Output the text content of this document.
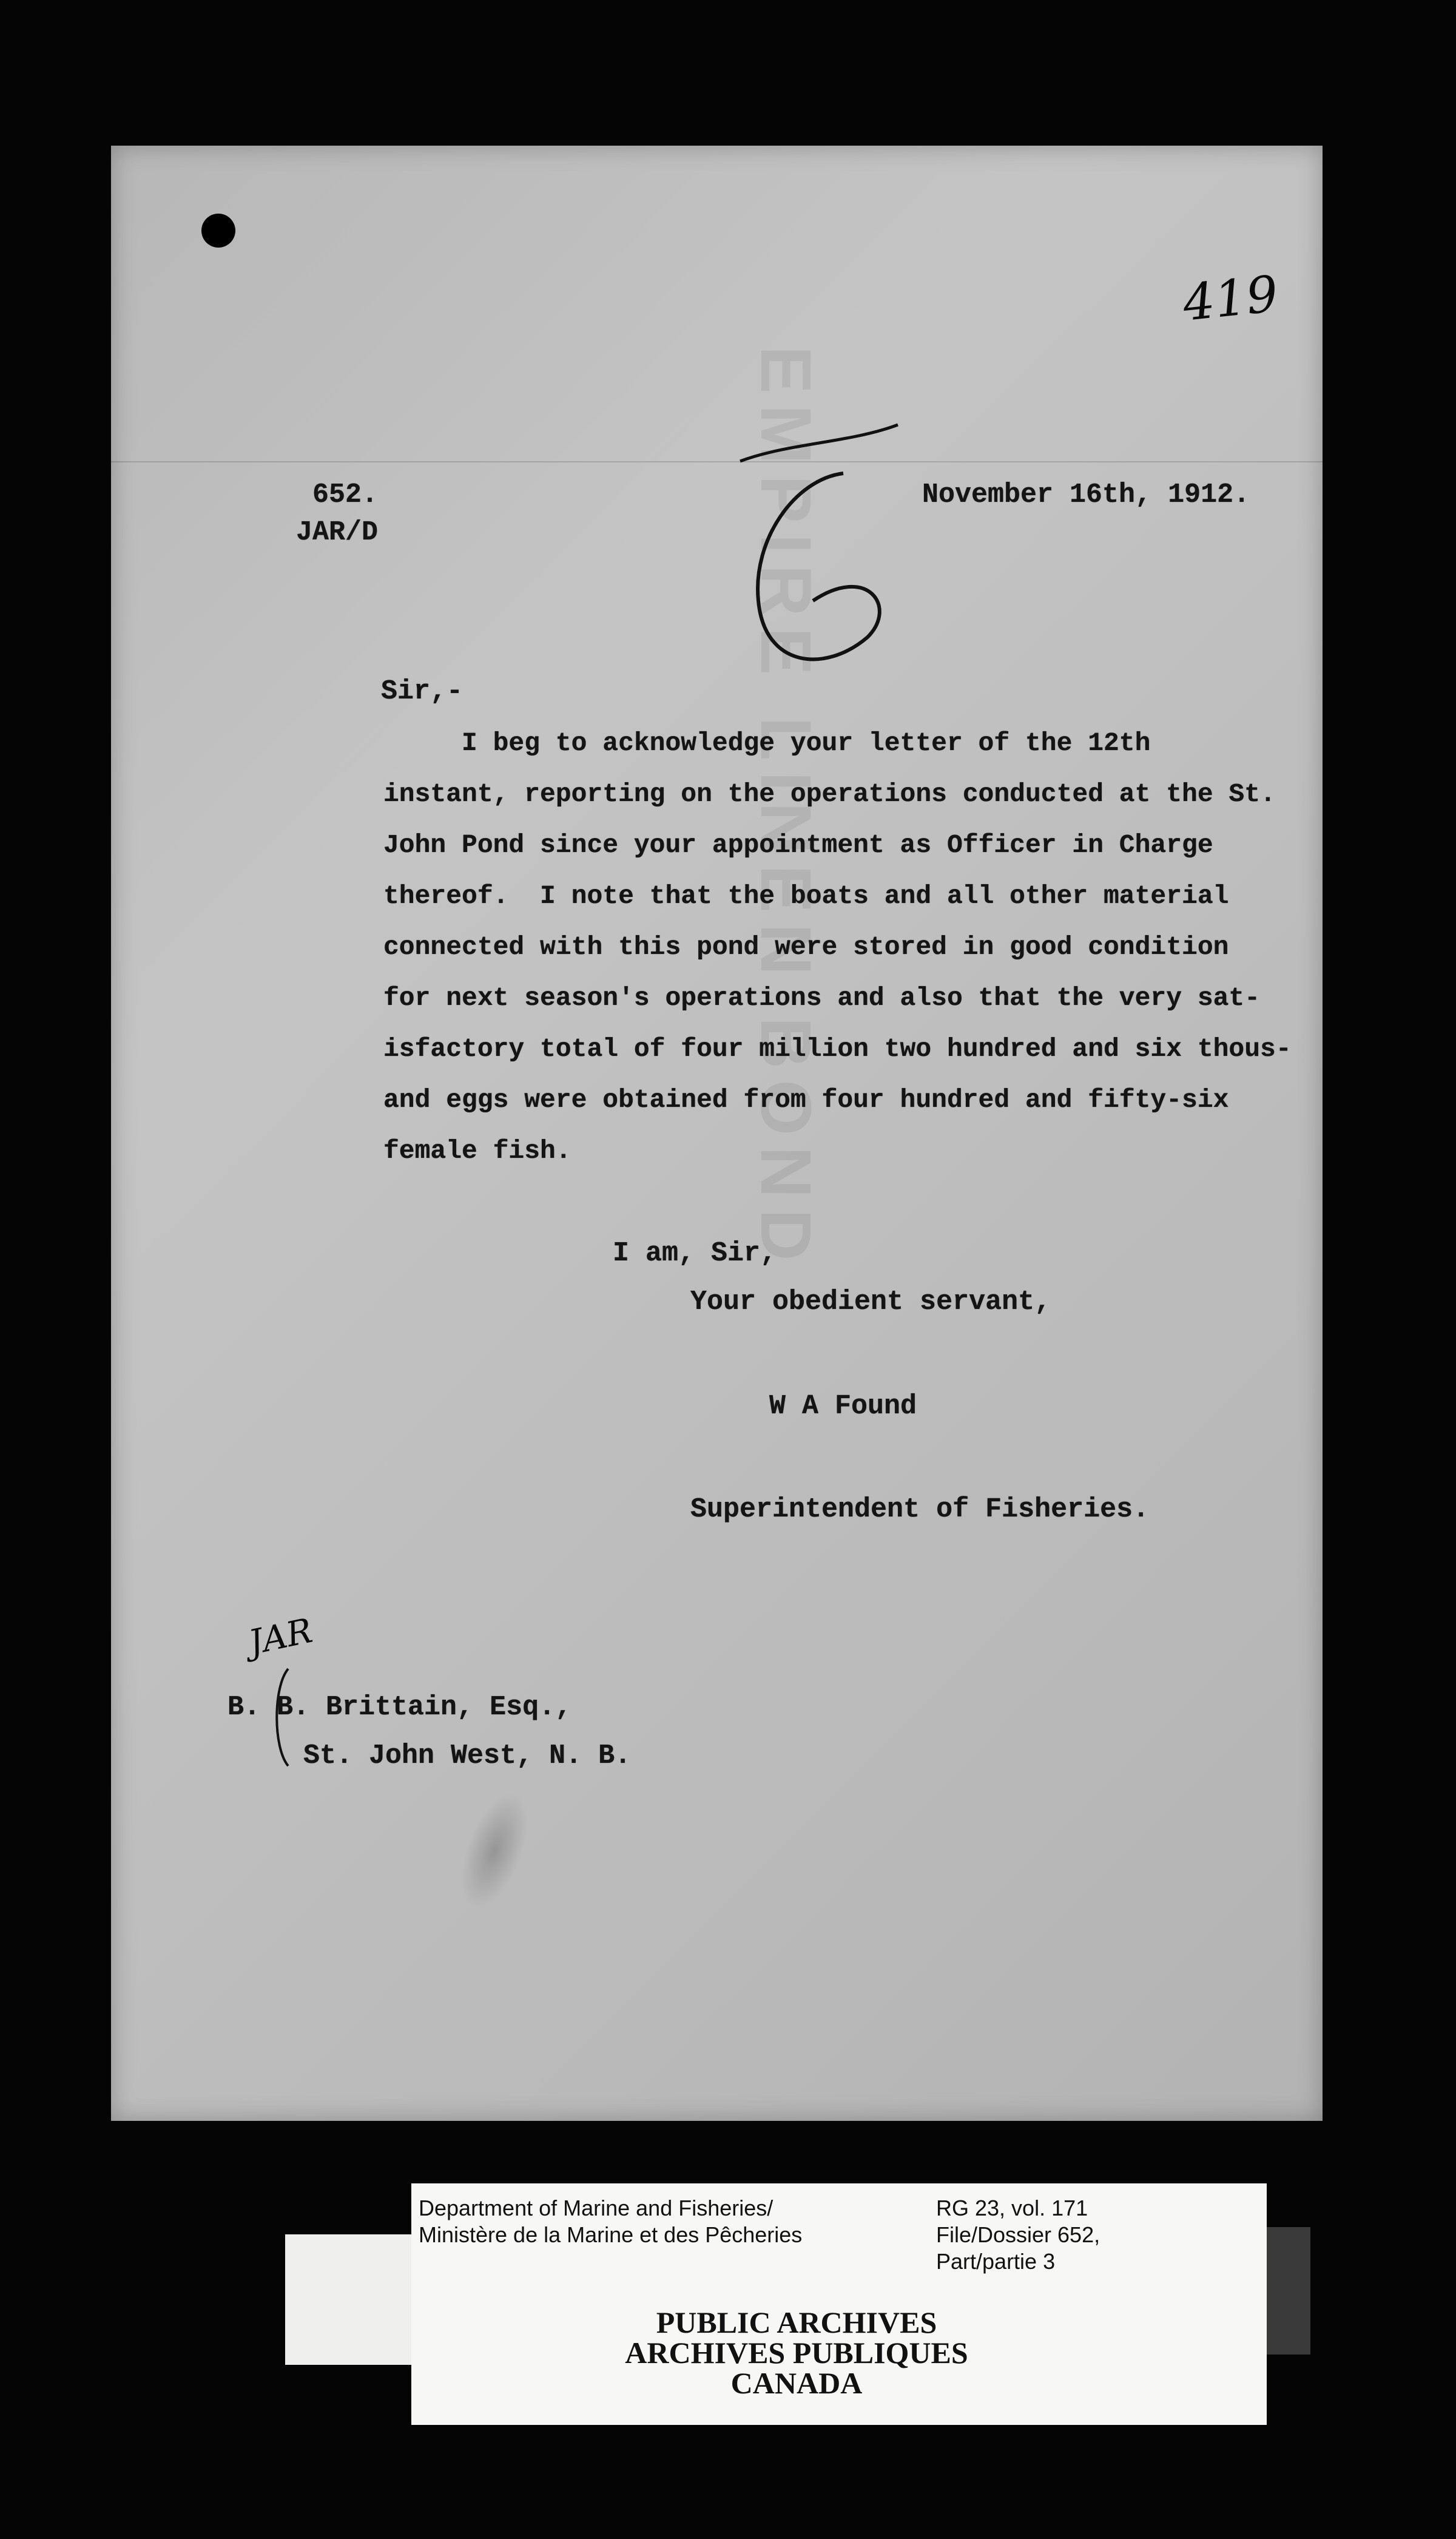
EMPIRE LINEN BOND
419
652.
JAR/D
November 16th, 1912.
Sir,-
I beg to acknowledge your letter of the 12th
instant, reporting on the operations conducted at the St.
John Pond since your appointment as Officer in Charge
thereof.  I note that the boats and all other material
connected with this pond were stored in good condition
for next season's operations and also that the very sat-
isfactory total of four million two hundred and six thous-
and eggs were obtained from four hundred and fifty-six
female fish.
I am, Sir,
Your obedient servant,
W A Found
Superintendent of Fisheries.
JAR
B. B. Brittain, Esq.,
St. John West, N. B.
Department of Marine and Fisheries/
Ministère de la Marine et des Pêcheries
RG 23, vol. 171
File/Dossier 652,
Part/partie 3
PUBLIC ARCHIVES
ARCHIVES PUBLIQUES
CANADA
